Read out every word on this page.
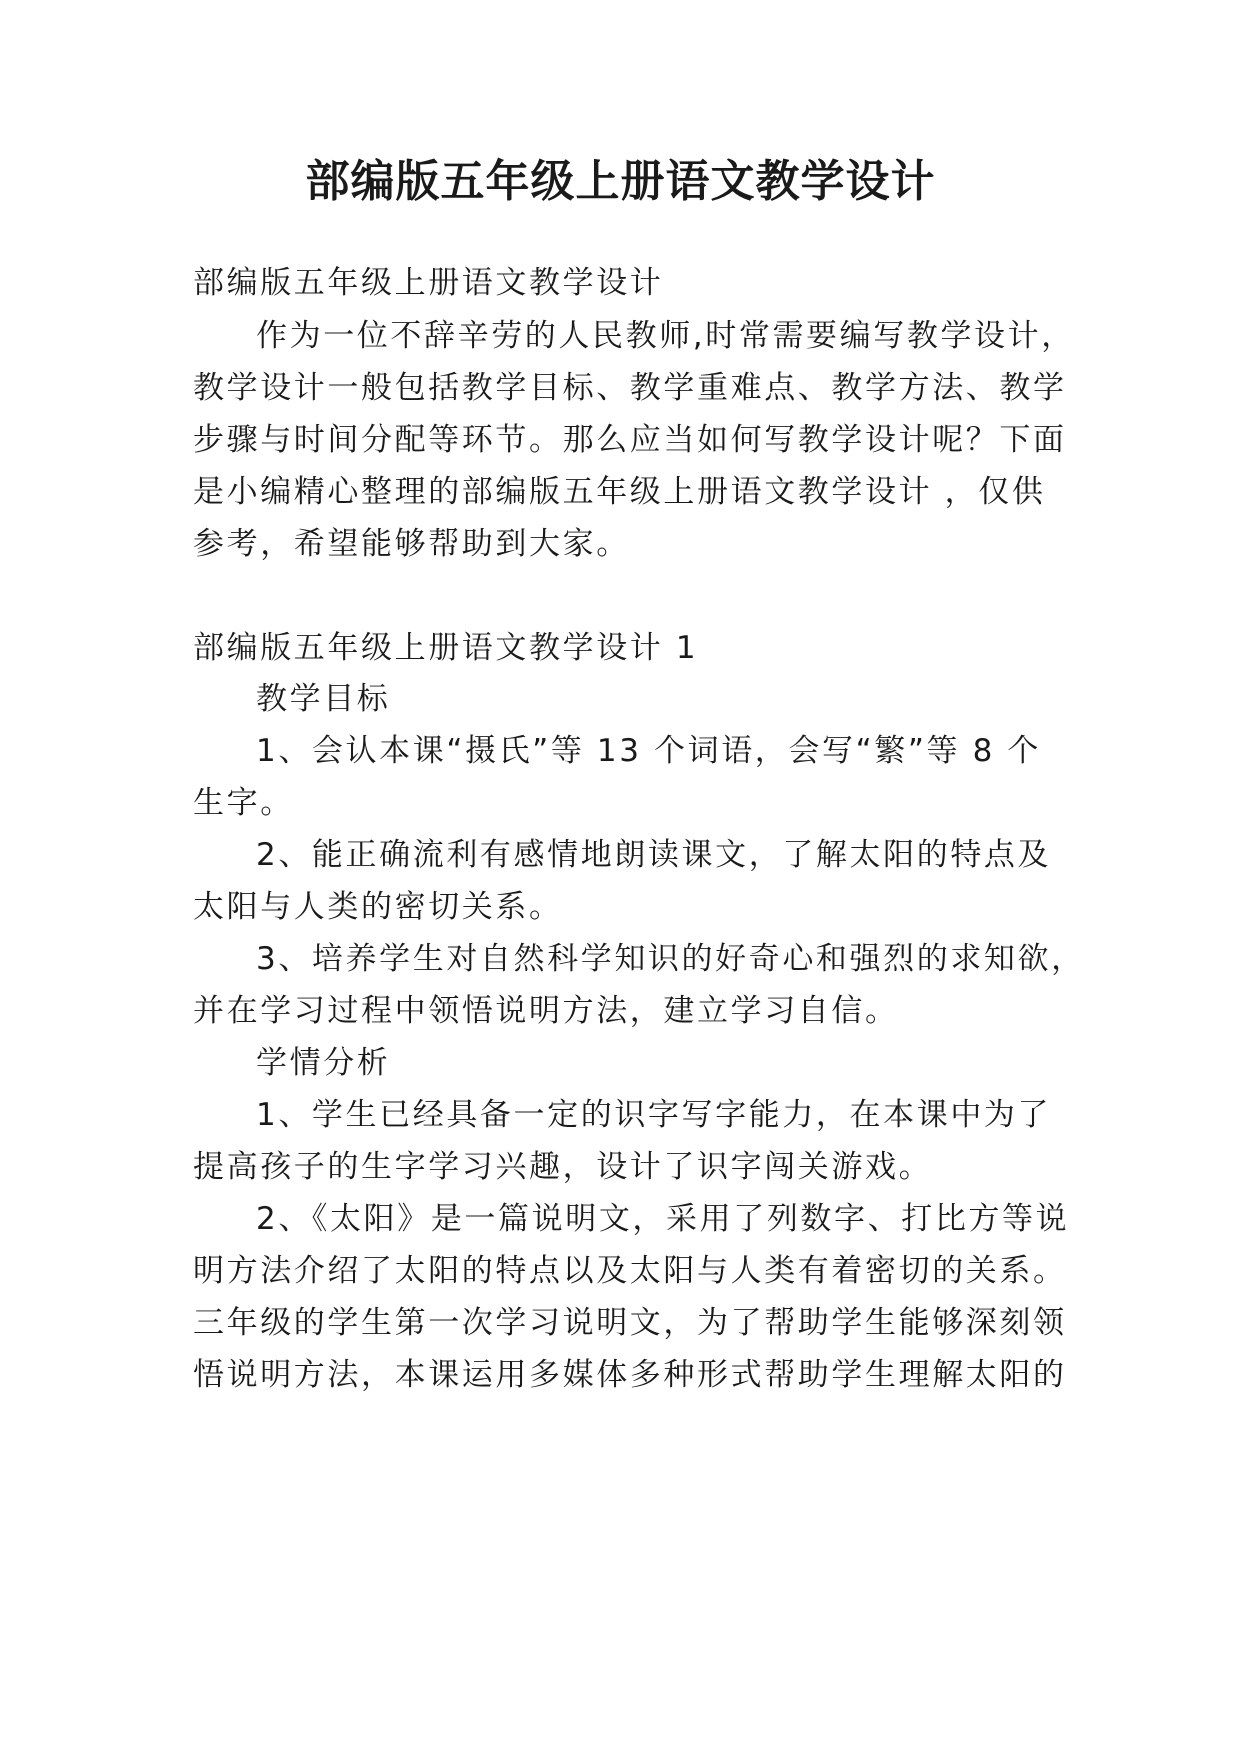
部编版五年级上册语文教学设计

部编版五年级上册语文教学设计

作为一位不辞辛劳的人民教师,时常需要编写教学设计，

教学设计一般包括教学目标、教学重难点、教学方法、教学

步骤与时间分配等环节。那么应当如何写教学设计呢？下面

是小编精心整理的部编版五年级上册语文教学设计 ，仅供

参考，希望能够帮助到大家。

部编版五年级上册语文教学设计 1

教学目标

1、会认本课“摄氏”等 13 个词语，会写“繁”等 8 个

生字。

2、能正确流利有感情地朗读课文，了解太阳的特点及

太阳与人类的密切关系。

3、培养学生对自然科学知识的好奇心和强烈的求知欲，

并在学习过程中领悟说明方法，建立学习自信。

学情分析

1、学生已经具备一定的识字写字能力，在本课中为了

提高孩子的生字学习兴趣，设计了识字闯关游戏。

2、《太阳》是一篇说明文，采用了列数字、打比方等说

明方法介绍了太阳的特点以及太阳与人类有着密切的关系。

三年级的学生第一次学习说明文，为了帮助学生能够深刻领

悟说明方法，本课运用多媒体多种形式帮助学生理解太阳的
